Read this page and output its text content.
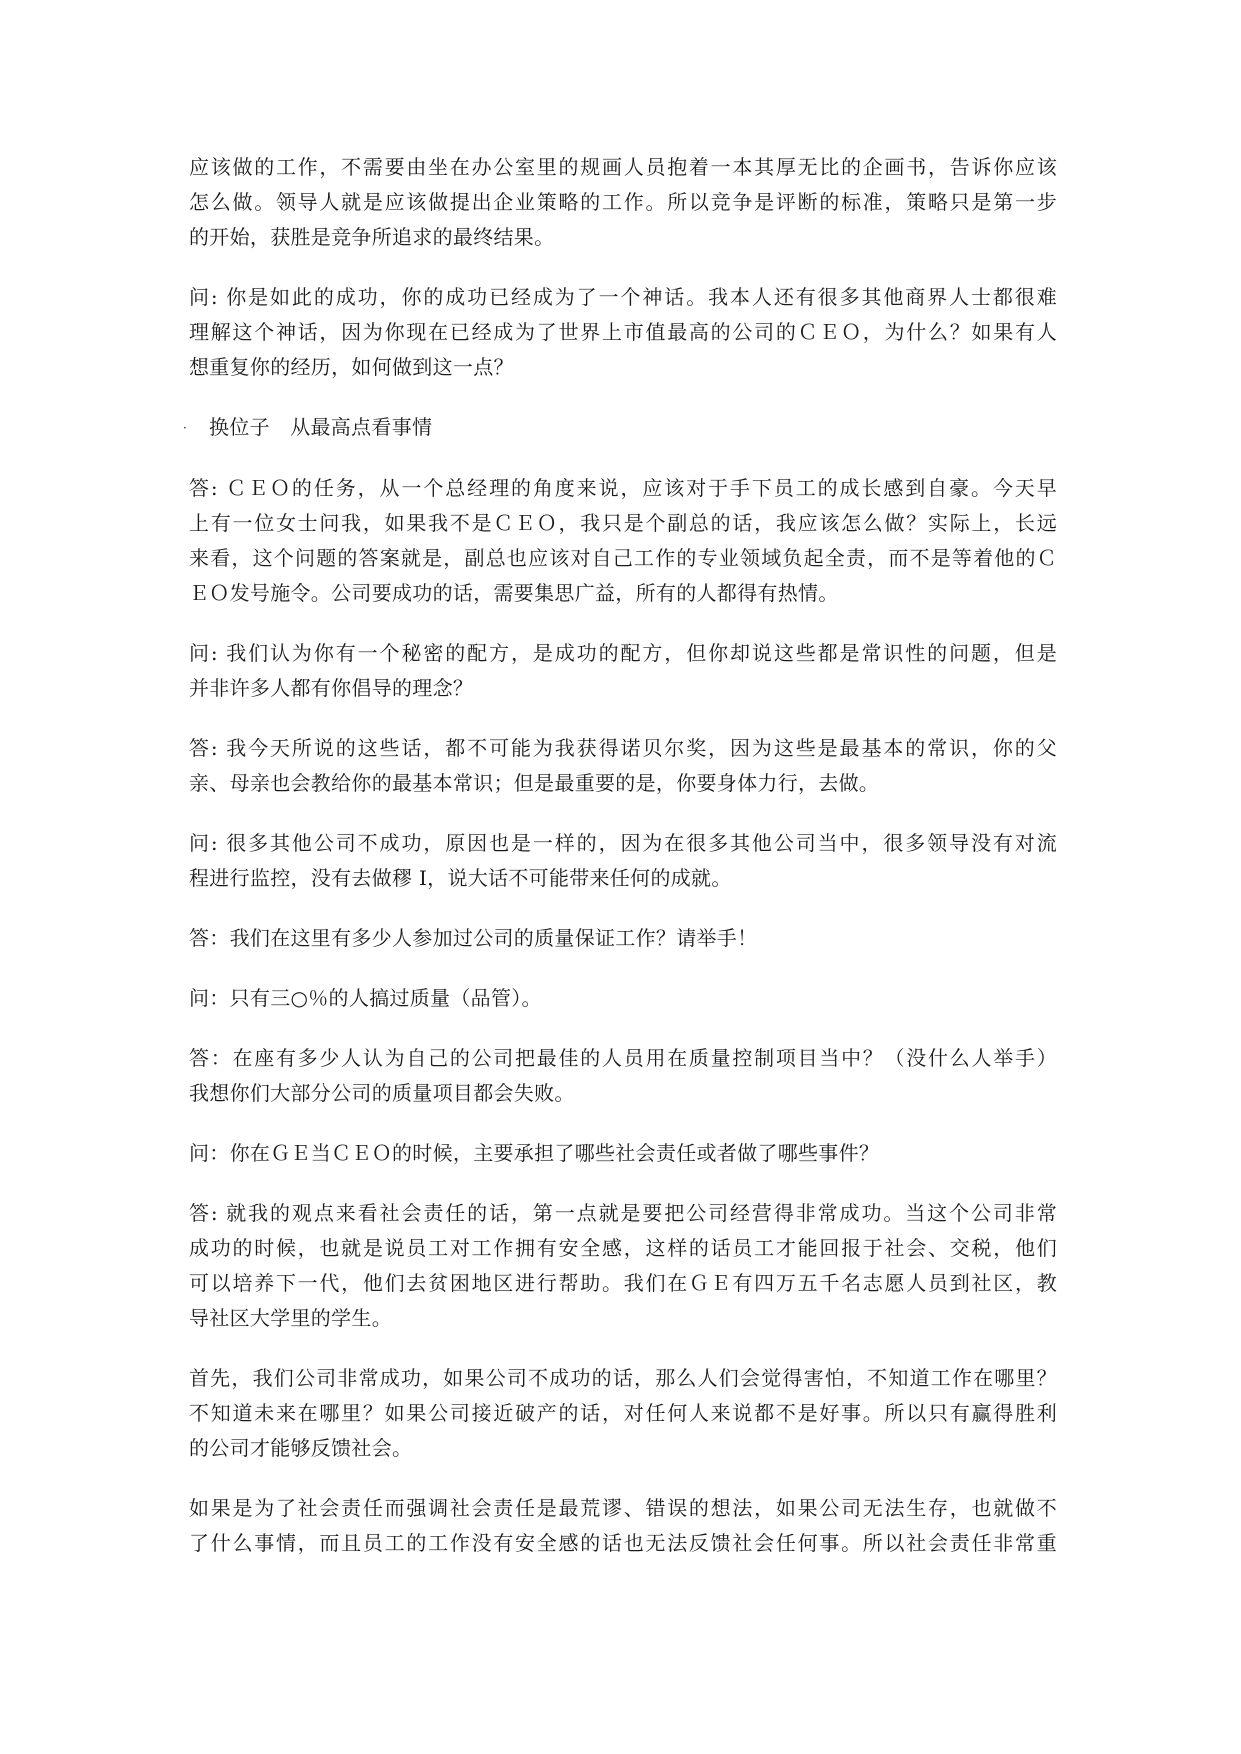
应该做的工作，不需要由坐在办公室里的规画人员抱着一本其厚无比的企画书，告诉你应该
怎么做。领导人就是应该做提出企业策略的工作。所以竞争是评断的标准，策略只是第一步
的开始，获胜是竞争所追求的最终结果。

问: 你是如此的成功，你的成功已经成为了一个神话。我本人还有很多其他商界人士都很难
理解这个神话，因为你现在已经成为了世界上市值最高的公司的ＣＥＯ，为什么？如果有人
想重复你的经历，如何做到这一点？

· 换位子　从最高点看事情

答: ＣＥＯ的任务，从一个总经理的角度来说，应该对于手下员工的成长感到自豪。今天早
上有一位女士问我，如果我不是ＣＥＯ，我只是个副总的话，我应该怎么做？实际上，长远
来看，这个问题的答案就是，副总也应该对自己工作的专业领域负起全责，而不是等着他的Ｃ
ＥＯ发号施令。公司要成功的话，需要集思广益，所有的人都得有热情。

问: 我们认为你有一个秘密的配方，是成功的配方，但你却说这些都是常识性的问题，但是
并非许多人都有你倡导的理念？

答: 我今天所说的这些话，都不可能为我获得诺贝尔奖，因为这些是最基本的常识，你的父
亲、母亲也会教给你的最基本常识；但是最重要的是，你要身体力行，去做。

问: 很多其他公司不成功，原因也是一样的，因为在很多其他公司当中，很多领导没有对流
程进行监控，没有去做穋 I，说大话不可能带来任何的成就。

答：我们在这里有多少人参加过公司的质量保证工作？请举手！

问：只有三○％的人搞过质量（品管）。

答：在座有多少人认为自己的公司把最佳的人员用在质量控制项目当中？（没什么人举手）
我想你们大部分公司的质量项目都会失败。

问：你在ＧＥ当ＣＥＯ的时候，主要承担了哪些社会责任或者做了哪些事件？

答: 就我的观点来看社会责任的话，第一点就是要把公司经营得非常成功。当这个公司非常
成功的时候，也就是说员工对工作拥有安全感，这样的话员工才能回报于社会、交税，他们
可以培养下一代，他们去贫困地区进行帮助。我们在ＧＥ有四万五千名志愿人员到社区，教
导社区大学里的学生。

首先，我们公司非常成功，如果公司不成功的话，那么人们会觉得害怕，不知道工作在哪里？
不知道未来在哪里？如果公司接近破产的话，对任何人来说都不是好事。所以只有赢得胜利
的公司才能够反馈社会。

如果是为了社会责任而强调社会责任是最荒谬、错误的想法，如果公司无法生存，也就做不
了什么事情，而且员工的工作没有安全感的话也无法反馈社会任何事。所以社会责任非常重
